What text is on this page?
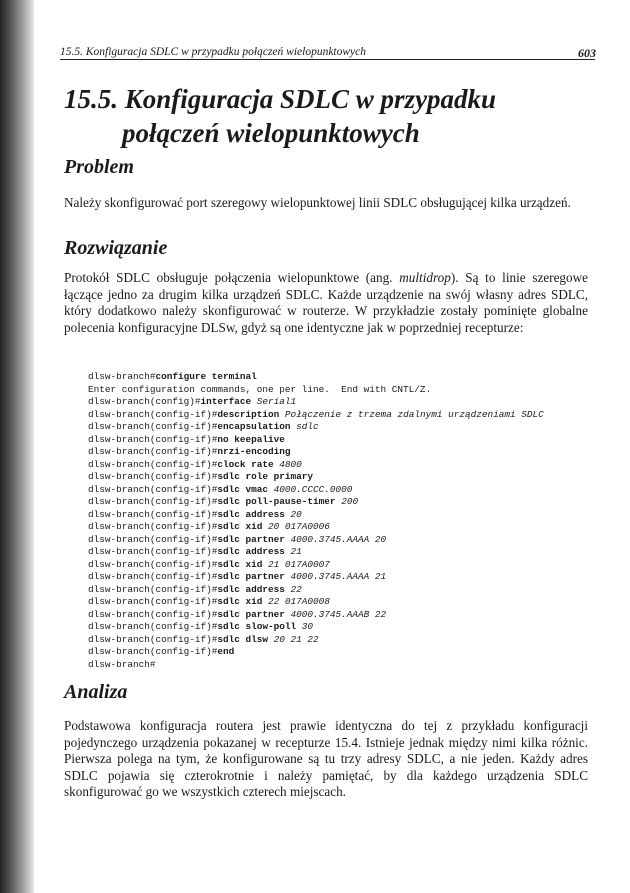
15.5. Konfiguracja SDLC w przypadku połączeń wielopunktowych	603
15.5. Konfiguracja SDLC w przypadku
połączeń wielopunktowych
Problem

Należy skonfigurować port szeregowy wielopunktowej linii SDLC obsługującej kilka urządzeń.

Rozwiązanie

Protokół SDLC obsługuje połączenia wielopunktowe (ang. multidrop). Są to linie szeregowe łączące jedno za drugim kilka urządzeń SDLC. Każde urządzenie na swój własny adres SDLC, który dodatkowo należy skonfigurować w routerze. W przykładzie zostały pominięte globalne polecenia konfiguracyjne DLSw, gdyż są one identyczne jak w poprzedniej recepturze:

dlsw-branch#configure terminal
Enter configuration commands, one per line.  End with CNTL/Z.
dlsw-branch(config)#interface Serial1
dlsw-branch(config-if)#description Połączenie z trzema zdalnymi urządzeniami SDLC
dlsw-branch(config-if)#encapsulation sdlc
dlsw-branch(config-if)#no keepalive
dlsw-branch(config-if)#nrzi-encoding
dlsw-branch(config-if)#clock rate 4800
dlsw-branch(config-if)#sdlc role primary
dlsw-branch(config-if)#sdlc vmac 4000.CCCC.0000
dlsw-branch(config-if)#sdlc poll-pause-timer 200
dlsw-branch(config-if)#sdlc address 20
dlsw-branch(config-if)#sdlc xid 20 017A0006
dlsw-branch(config-if)#sdlc partner 4000.3745.AAAA 20
dlsw-branch(config-if)#sdlc address 21
dlsw-branch(config-if)#sdlc xid 21 017A0007
dlsw-branch(config-if)#sdlc partner 4000.3745.AAAA 21
dlsw-branch(config-if)#sdlc address 22
dlsw-branch(config-if)#sdlc xid 22 017A0008
dlsw-branch(config-if)#sdlc partner 4000.3745.AAAB 22
dlsw-branch(config-if)#sdlc slow-poll 30
dlsw-branch(config-if)#sdlc dlsw 20 21 22
dlsw-branch(config-if)#end
dlsw-branch#
Analiza

Podstawowa konfiguracja routera jest prawie identyczna do tej z przykładu konfiguracji pojedynczego urządzenia pokazanej w recepturze 15.4. Istnieje jednak między nimi kilka różnic. Pierwsza polega na tym, że konfigurowane są tu trzy adresy SDLC, a nie jeden. Każdy adres SDLC pojawia się czterokrotnie i należy pamiętać, by dla każdego urządzenia SDLC skonfigurować go we wszystkich czterech miejscach.
